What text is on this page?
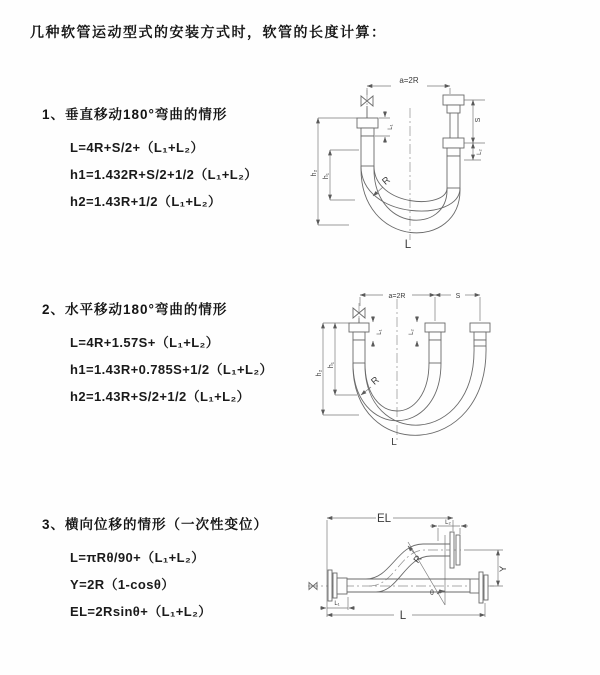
几种软管运动型式的安装方式时，软管的长度计算：
1、垂直移动180°弯曲的情形
L=4R+S/2+（L₁+L₂）
h1=1.432R+S/2+1/2（L₁+L₂）
h2=1.43R+1/2（L₁+L₂）
2、水平移动180°弯曲的情形
L=4R+1.57S+（L₁+L₂）
h1=1.43R+0.785S+1/2（L₁+L₂）
h2=1.43R+S/2+1/2（L₁+L₂）
3、横向位移的情形（一次性变位）
L=πRθ/90+（L₁+L₂）
Y=2R（1-cosθ）
EL=2Rsinθ+（L₁+L₂）
a=2R
L₁
S
L₂
h₂ h₁	R
L
a=2R	S
L₁	L₂
h₂
h₁
R
L
EL	L₂
Y
R
θ
L₁
L
